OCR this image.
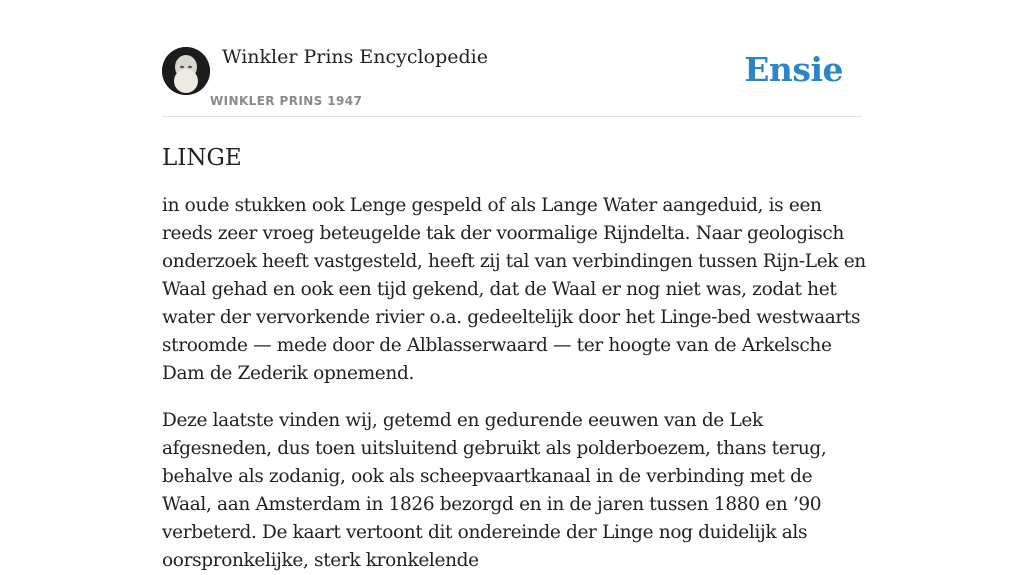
Winkler Prins Encyclopedie
WINKLER PRINS 1947
Ensie
LINGE

in oude stukken ook Lenge gespeld of als Lange Water aangeduid, is een reeds zeer vroeg beteugelde tak der voormalige Rijndelta. Naar geologisch onderzoek heeft vastgesteld, heeft zij tal van verbindingen tussen Rijn-Lek en Waal gehad en ook een tijd gekend, dat de Waal er nog niet was, zodat het water der vervorkende rivier o.a. gedeeltelijk door het Linge-bed westwaarts stroomde — mede door de Alblasserwaard — ter hoogte van de Arkelsche Dam de Zederik opnemend.

Deze laatste vinden wij, getemd en gedurende eeuwen van de Lek afgesneden, dus toen uitsluitend gebruikt als polderboezem, thans terug, behalve als zodanig, ook als scheepvaartkanaal in de verbinding met de Waal, aan Amsterdam in 1826 bezorgd en in de jaren tussen 1880 en ’90 verbeterd. De kaart vertoont dit ondereinde der Linge nog duidelijk als oorspronkelijke, sterk kronkelende
